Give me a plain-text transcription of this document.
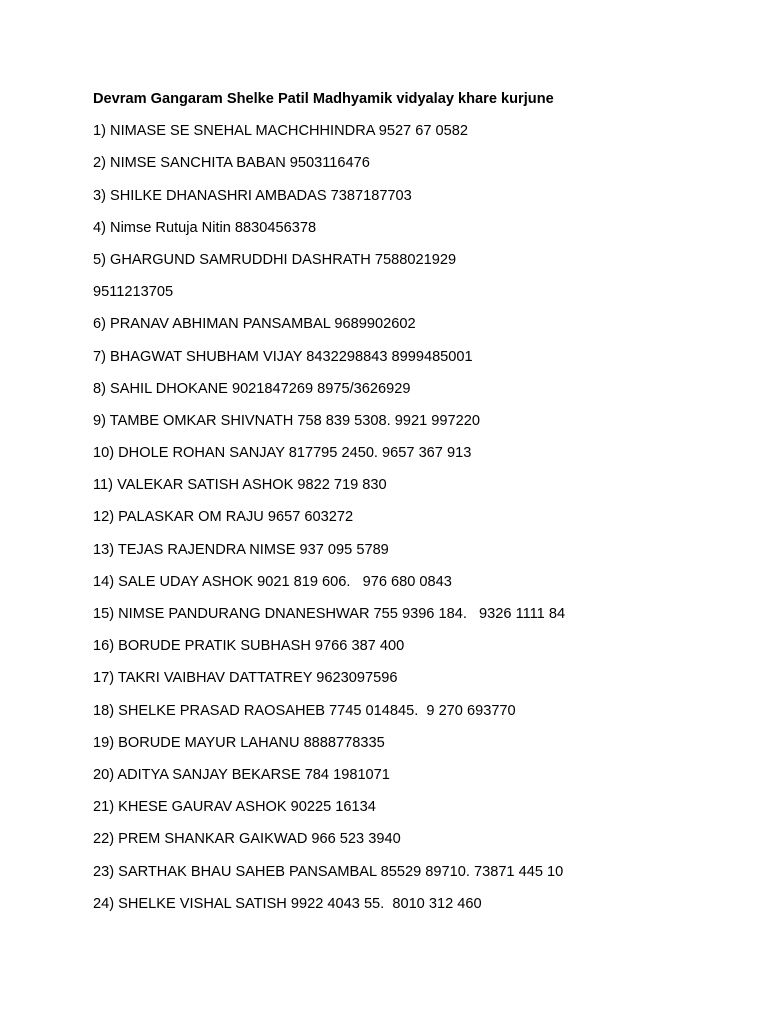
Devram Gangaram Shelke Patil Madhyamik vidyalay khare kurjune
1) NIMASE SE SNEHAL MACHCHHINDRA 9527 67 0582
2) NIMSE SANCHITA BABAN 9503116476
3) SHILKE DHANASHRI AMBADAS 7387187703
4) Nimse Rutuja Nitin 8830456378
5) GHARGUND SAMRUDDHI DASHRATH 7588021929
9511213705
6) PRANAV ABHIMAN PANSAMBAL 9689902602
7) BHAGWAT SHUBHAM VIJAY 8432298843 8999485001
8) SAHIL DHOKANE 9021847269 8975/3626929
9) TAMBE OMKAR SHIVNATH 758 839 5308. 9921 997220
10) DHOLE ROHAN SANJAY 817795 2450. 9657 367 913
11) VALEKAR SATISH ASHOK 9822 719 830
12) PALASKAR OM RAJU 9657 603272
13) TEJAS RAJENDRA NIMSE 937 095 5789
14) SALE UDAY ASHOK 9021 819 606.   976 680 0843
15) NIMSE PANDURANG DNANESHWAR 755 9396 184.   9326 1111 84
16) BORUDE PRATIK SUBHASH 9766 387 400
17) TAKRI VAIBHAV DATTATREY 9623097596
18) SHELKE PRASAD RAOSAHEB 7745 014845.  9 270 693770
19) BORUDE MAYUR LAHANU 8888778335
20) ADITYA SANJAY BEKARSE 784 1981071
21) KHESE GAURAV ASHOK 90225 16134
22) PREM SHANKAR GAIKWAD 966 523 3940
23) SARTHAK BHAU SAHEB PANSAMBAL 85529 89710. 73871 445 10
24) SHELKE VISHAL SATISH 9922 4043 55.  8010 312 460
